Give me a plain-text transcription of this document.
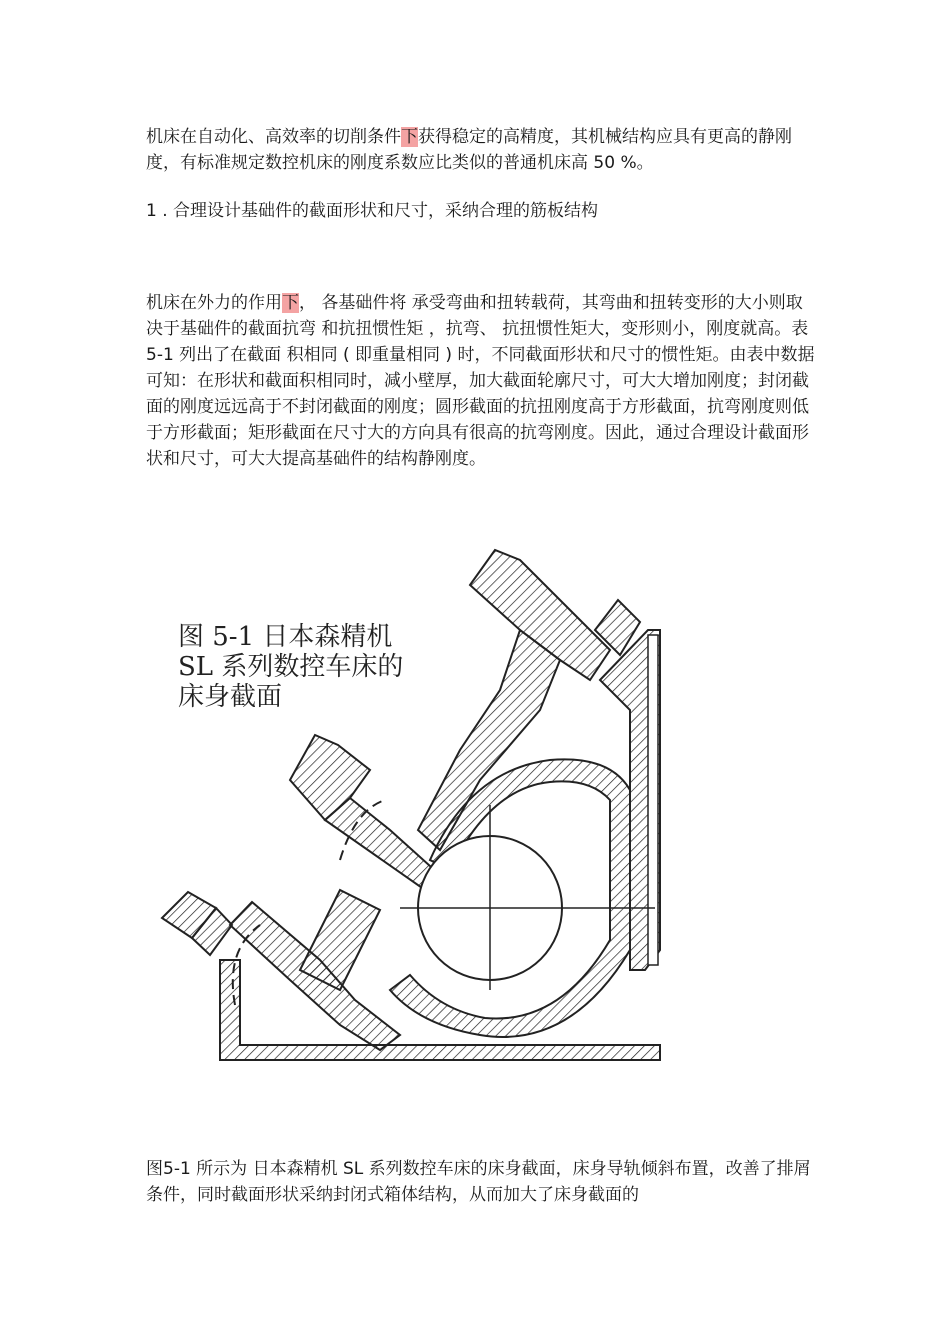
机床在自动化、高效率的切削条件下获得稳定的高精度，其机械结构应具有更高的静刚度，有标准规定数控机床的刚度系数应比类似的普通机床高 50 %。

1 . 合理设计基础件的截面形状和尺寸，采纳合理的筋板结构

机床在外力的作用下， 各基础件将 承受弯曲和扭转载荷，其弯曲和扭转变形的大小则取决于基础件的截面抗弯 和抗扭惯性矩 ，抗弯、 抗扭惯性矩大，变形则小，刚度就高。表 5-1 列出了在截面 积相同 ( 即重量相同 ) 时，不同截面形状和尺寸的惯性矩。由表中数据可知：在形状和截面积相同时，减小壁厚，加大截面轮廓尺寸，可大大增加刚度；封闭截面的刚度远远高于不封闭截面的刚度；圆形截面的抗扭刚度高于方形截面，抗弯刚度则低于方形截面；矩形截面在尺寸大的方向具有很高的抗弯刚度。因此，通过合理设计截面形状和尺寸，可大大提高基础件的结构静刚度。

图 5-1 日本森精机
SL 系列数控车床的
床身截面

图5-1 所示为 日本森精机 SL 系列数控车床的床身截面，床身导轨倾斜布置，改善了排屑条件，同时截面形状采纳封闭式箱体结构，从而加大了床身截面的
